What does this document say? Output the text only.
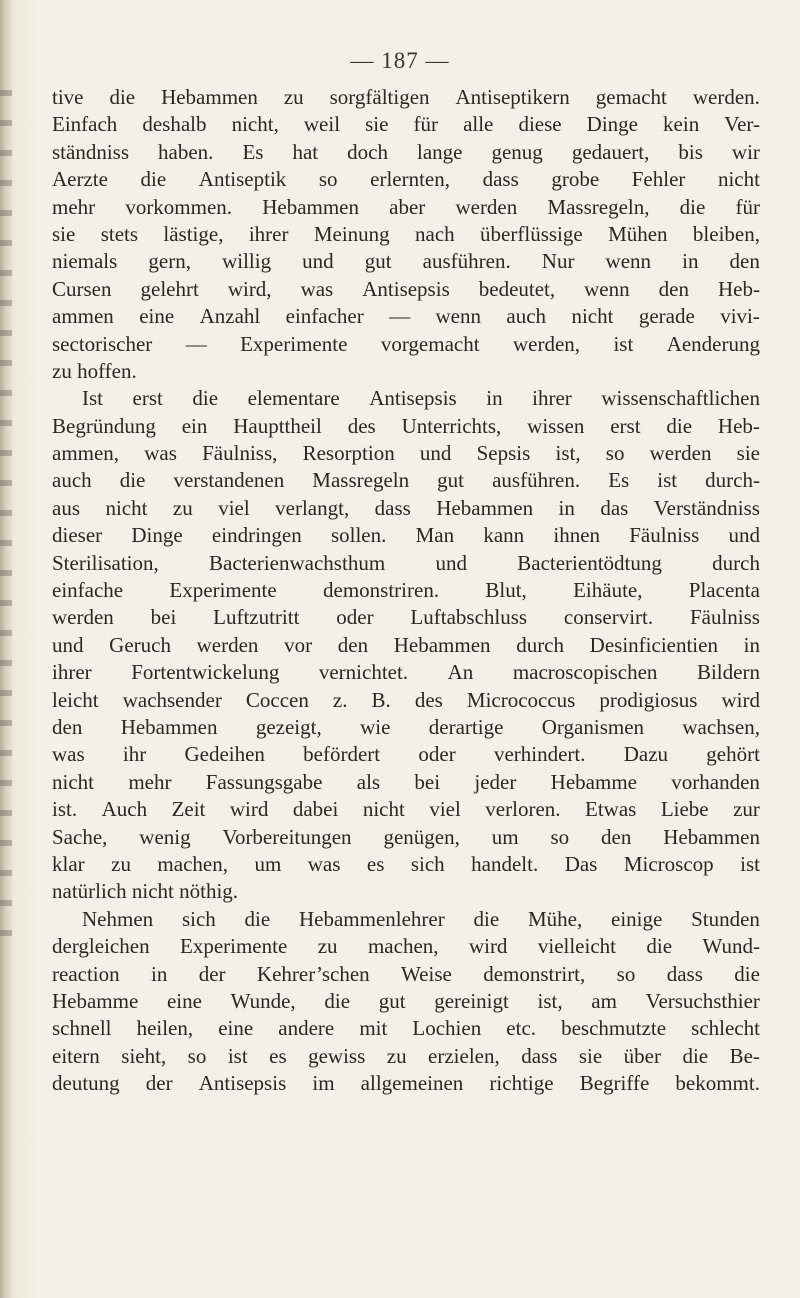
— 187 —
tive die Hebammen zu sorgfältigen Antiseptikern gemacht werden.
Einfach deshalb nicht, weil sie für alle diese Dinge kein Ver-
ständniss haben. Es hat doch lange genug gedauert, bis wir
Aerzte die Antiseptik so erlernten, dass grobe Fehler nicht
mehr vorkommen. Hebammen aber werden Massregeln, die für
sie stets lästige, ihrer Meinung nach überflüssige Mühen bleiben,
niemals gern, willig und gut ausführen. Nur wenn in den
Cursen gelehrt wird, was Antisepsis bedeutet, wenn den Heb-
ammen eine Anzahl einfacher — wenn auch nicht gerade vivi-
sectorischer — Experimente vorgemacht werden, ist Aenderung
zu hoffen.
Ist erst die elementare Antisepsis in ihrer wissenschaftlichen
Begründung ein Haupttheil des Unterrichts, wissen erst die Heb-
ammen, was Fäulniss, Resorption und Sepsis ist, so werden sie
auch die verstandenen Massregeln gut ausführen. Es ist durch-
aus nicht zu viel verlangt, dass Hebammen in das Verständniss
dieser Dinge eindringen sollen. Man kann ihnen Fäulniss und
Sterilisation, Bacterienwachsthum und Bacterientödtung durch
einfache Experimente demonstriren. Blut, Eihäute, Placenta
werden bei Luftzutritt oder Luftabschluss conservirt. Fäulniss
und Geruch werden vor den Hebammen durch Desinficientien in
ihrer Fortentwickelung vernichtet. An macroscopischen Bildern
leicht wachsender Coccen z. B. des Micrococcus prodigiosus wird
den Hebammen gezeigt, wie derartige Organismen wachsen,
was ihr Gedeihen befördert oder verhindert. Dazu gehört
nicht mehr Fassungsgabe als bei jeder Hebamme vorhanden
ist. Auch Zeit wird dabei nicht viel verloren. Etwas Liebe zur
Sache, wenig Vorbereitungen genügen, um so den Hebammen
klar zu machen, um was es sich handelt. Das Microscop ist
natürlich nicht nöthig.
Nehmen sich die Hebammenlehrer die Mühe, einige Stunden
dergleichen Experimente zu machen, wird vielleicht die Wund-
reaction in der Kehrer’schen Weise demonstrirt, so dass die
Hebamme eine Wunde, die gut gereinigt ist, am Versuchsthier
schnell heilen, eine andere mit Lochien etc. beschmutzte schlecht
eitern sieht, so ist es gewiss zu erzielen, dass sie über die Be-
deutung der Antisepsis im allgemeinen richtige Begriffe bekommt.
